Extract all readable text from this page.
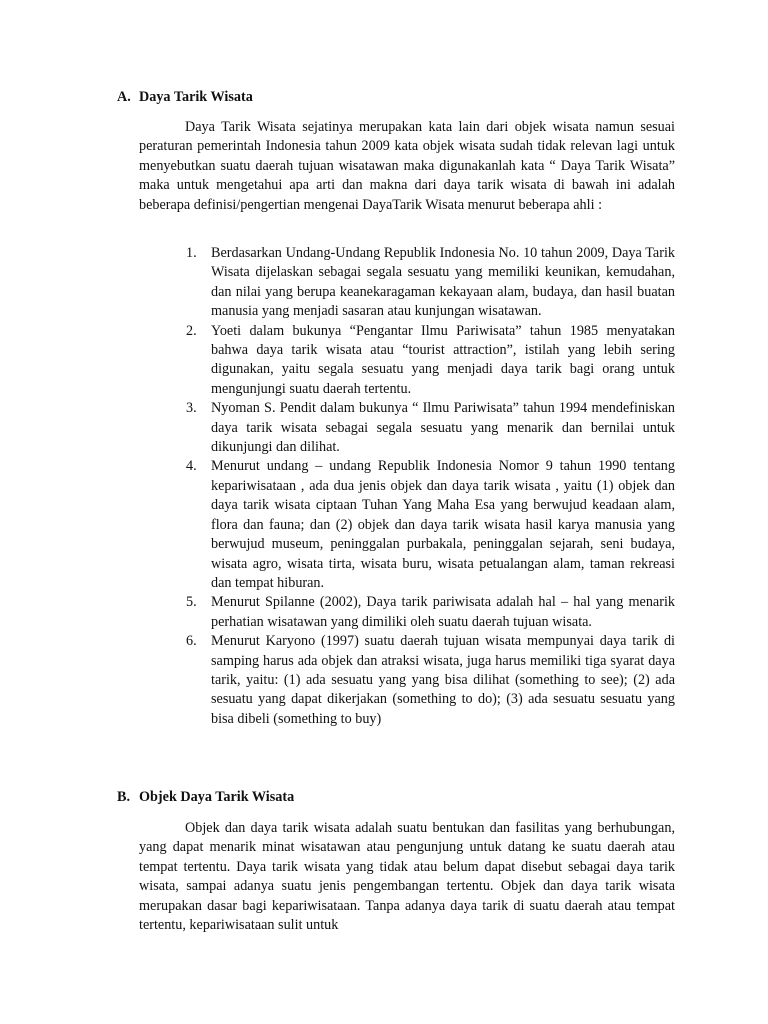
A. Daya Tarik Wisata

Daya Tarik Wisata sejatinya merupakan kata lain dari objek wisata namun sesuai peraturan pemerintah Indonesia tahun 2009 kata objek wisata sudah tidak relevan lagi untuk menyebutkan suatu daerah tujuan wisatawan maka digunakanlah kata “ Daya Tarik Wisata” maka untuk mengetahui apa arti dan makna dari daya tarik wisata di bawah ini adalah beberapa definisi/pengertian mengenai DayaTarik Wisata menurut beberapa ahli :

1. Berdasarkan Undang-Undang Republik Indonesia No. 10 tahun 2009, Daya Tarik Wisata dijelaskan sebagai segala sesuatu yang memiliki keunikan, kemudahan, dan nilai yang berupa keanekaragaman kekayaan alam, budaya, dan hasil buatan manusia yang menjadi sasaran atau kunjungan wisatawan.
2. Yoeti dalam bukunya “Pengantar Ilmu Pariwisata” tahun 1985 menyatakan bahwa daya tarik wisata atau “tourist attraction”, istilah yang lebih sering digunakan, yaitu segala sesuatu yang menjadi daya tarik bagi orang untuk mengunjungi suatu daerah tertentu.
3. Nyoman S. Pendit dalam bukunya “ Ilmu Pariwisata” tahun 1994 mendefiniskan daya tarik wisata sebagai segala sesuatu yang menarik dan bernilai untuk dikunjungi dan dilihat.
4. Menurut undang – undang Republik Indonesia Nomor 9 tahun 1990 tentang kepariwisataan , ada dua jenis objek dan daya tarik wisata , yaitu (1) objek dan daya tarik wisata ciptaan Tuhan Yang Maha Esa yang berwujud keadaan alam, flora dan fauna; dan (2) objek dan daya tarik wisata hasil karya manusia yang berwujud museum, peninggalan purbakala, peninggalan sejarah, seni budaya, wisata agro, wisata tirta, wisata buru, wisata petualangan alam, taman rekreasi dan tempat hiburan.
5. Menurut Spilanne (2002), Daya tarik pariwisata adalah hal – hal yang menarik perhatian wisatawan yang dimiliki oleh suatu daerah tujuan wisata.
6. Menurut Karyono (1997) suatu daerah tujuan wisata mempunyai daya tarik di samping harus ada objek dan atraksi wisata, juga harus memiliki tiga syarat daya tarik, yaitu: (1) ada sesuatu yang yang bisa dilihat (something to see); (2) ada sesuatu yang dapat dikerjakan (something to do); (3) ada sesuatu sesuatu yang bisa dibeli (something to buy)
B. Objek Daya Tarik Wisata

Objek dan daya tarik wisata adalah suatu bentukan dan fasilitas yang berhubungan, yang dapat menarik minat wisatawan atau pengunjung untuk datang ke suatu daerah atau tempat tertentu. Daya tarik wisata yang tidak atau belum dapat disebut sebagai daya tarik wisata, sampai adanya suatu jenis pengembangan tertentu. Objek dan daya tarik wisata merupakan dasar bagi kepariwisataan. Tanpa adanya daya tarik di suatu daerah atau tempat tertentu, kepariwisataan sulit untuk
